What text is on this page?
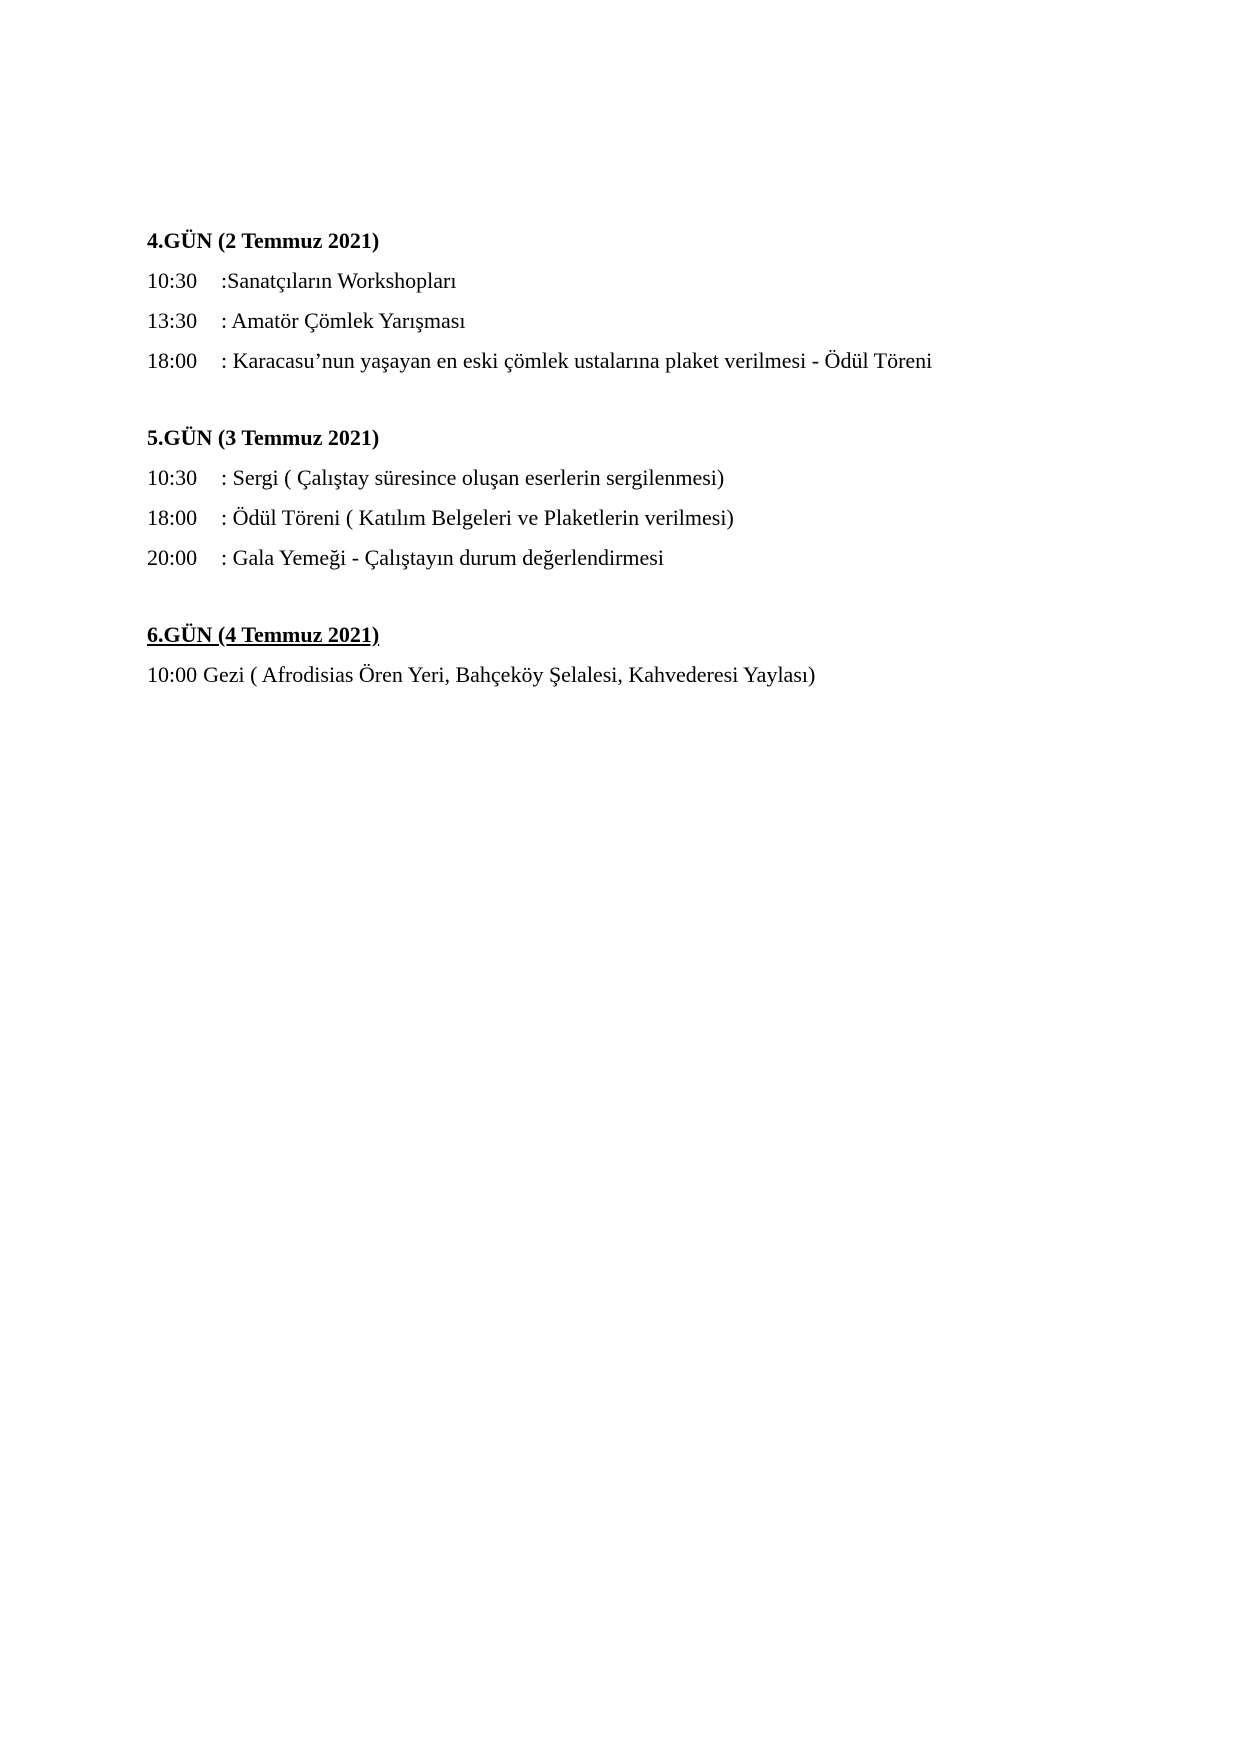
4.GÜN (2 Temmuz 2021)
10:30 :Sanatçıların Workshopları
13:30 : Amatör Çömlek Yarışması
18:00 : Karacasu’nun yaşayan en eski çömlek ustalarına plaket verilmesi - Ödül Töreni
5.GÜN (3 Temmuz 2021)
10:30 : Sergi ( Çalıştay süresince oluşan eserlerin sergilenmesi)
18:00 : Ödül Töreni ( Katılım Belgeleri ve Plaketlerin verilmesi)
20:00 : Gala Yemeği - Çalıştayın durum değerlendirmesi
6.GÜN (4 Temmuz 2021)
10:00 Gezi ( Afrodisias Ören Yeri, Bahçeköy Şelalesi, Kahvederesi Yaylası)
